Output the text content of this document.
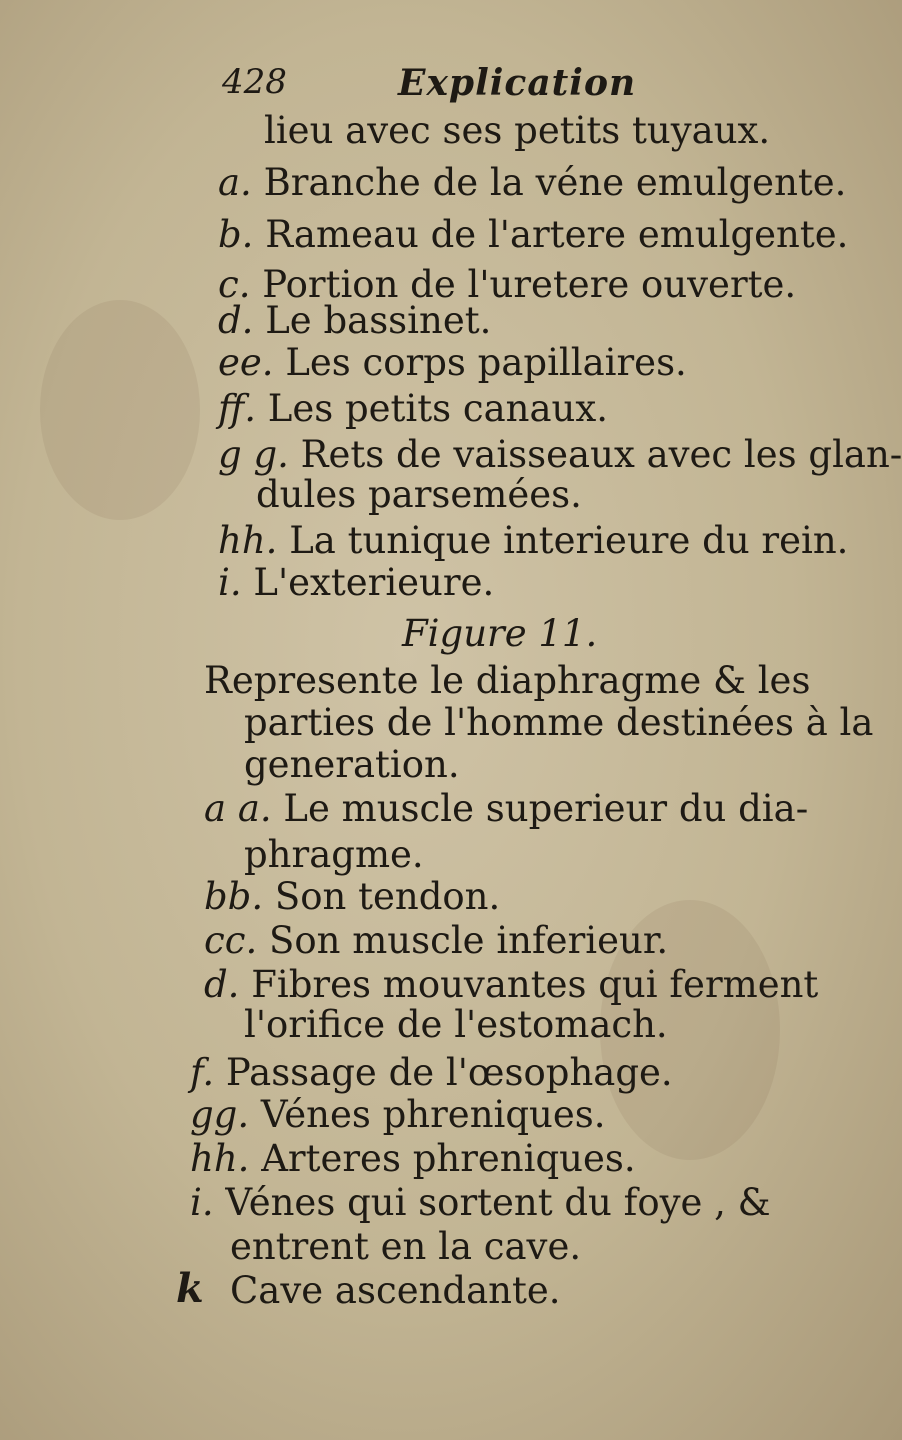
428	Explication
lieu avec ses petits tuyaux.
a. Branche de la véne emulgente.
b. Rameau de l'artere emulgente.
c. Portion de l'uretere ouverte.
d. Le bassinet.
ee. Les corps papillaires.
ff. Les petits canaux.
g g. Rets de vaisseaux avec les glan-
dules parsemées.
hh. La tunique interieure du rein.
i. L'exterieure.
Figure 11.
Represente le diaphragme & les
parties de l'homme destinées à la
generation.
a a. Le muscle superieur du dia-
phragme.
bb. Son tendon.
cc. Son muscle inferieur.
d. Fibres mouvantes qui ferment
l'orifice de l'estomach.
f. Passage de l'œsophage.
gg. Vénes phreniques.
hh. Arteres phreniques.
i. Vénes qui sortent du foye , &
entrent en la cave.
k Cave ascendante.
